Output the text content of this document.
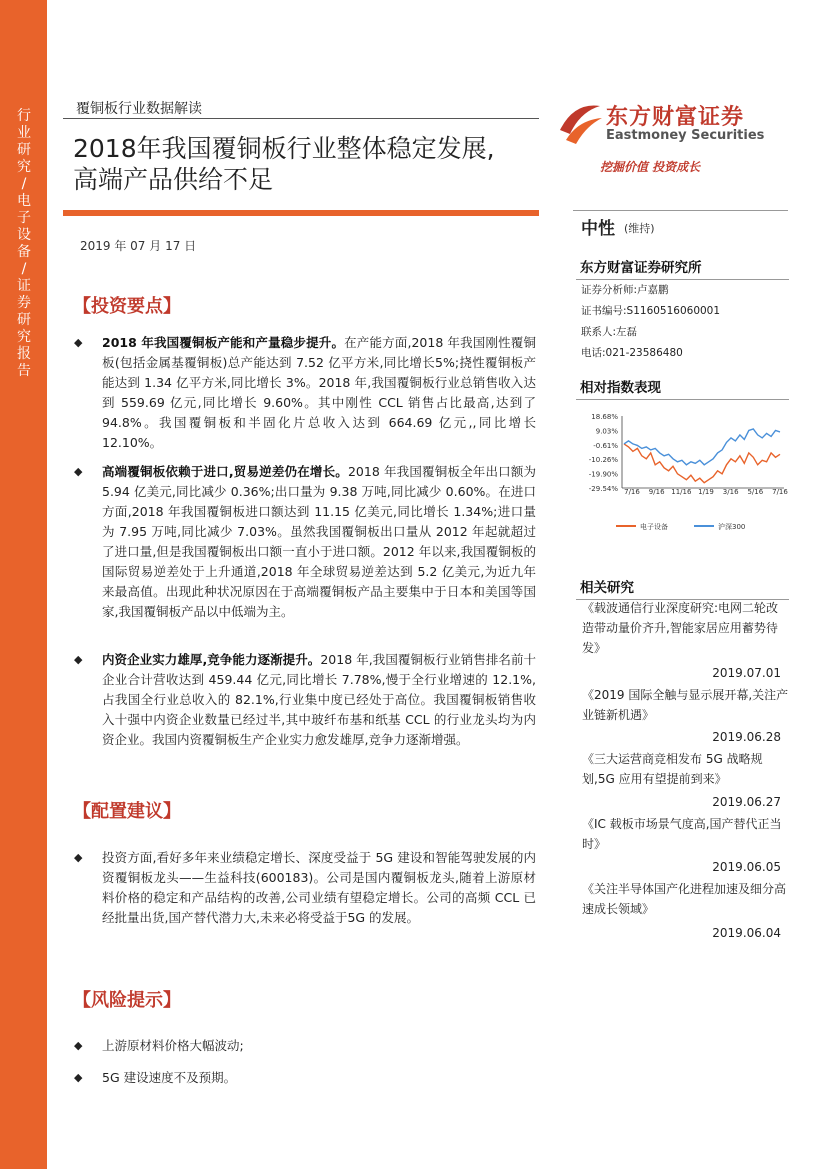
行
业
研
究
/
电
子
设
备
/
证
券
研
究
报
告
覆铜板行业数据解读
2018年我国覆铜板行业整体稳定发展,
高端产品供给不足
2019 年 07 月 17 日
东方财富证券
Eastmoney Securities
挖掘价值 投资成长
中性 (维持)
东方财富证券研究所
证券分析师:卢嘉鹏
证书编号:S1160516060001
联系人:左磊
电话:021-23586480
相对指数表现
18.68%
9.03%
-0.61%
-10.26%
-19.90%
-29.54% 7/16 9/16 11/16 1/19 3/16 5/16 7/16
电子设备	沪深300
相关研究
《载波通信行业深度研究:电网二轮改造带动量价齐升,智能家居应用蓄势待发》
2019.07.01
《2019 国际全触与显示展开幕,关注产业链新机遇》
2019.06.28
《三大运营商竞相发布 5G 战略规划,5G 应用有望提前到来》
2019.06.27
《IC 载板市场景气度高,国产替代正当时》
2019.06.05
《关注半导体国产化进程加速及细分高速成长领域》
2019.06.04
【投资要点】
◆ 2018 年我国覆铜板产能和产量稳步提升。在产能方面,2018 年我国刚性覆铜板(包括金属基覆铜板)总产能达到 7.52 亿平方米,同比增长5%;挠性覆铜板产能达到 1.34 亿平方米,同比增长 3%。2018 年,我国覆铜板行业总销售收入达到 559.69 亿元,同比增长 9.60%。其中刚性 CCL 销售占比最高,达到了 94.8%。我国覆铜板和半固化片总收入达到 664.69 亿元,,同比增长 12.10%。
◆ 高端覆铜板依赖于进口,贸易逆差仍在增长。2018 年我国覆铜板全年出口额为 5.94 亿美元,同比减少 0.36%;出口量为 9.38 万吨,同比减少 0.60%。在进口方面,2018 年我国覆铜板进口额达到 11.15 亿美元,同比增长 1.34%;进口量为 7.95 万吨,同比减少 7.03%。虽然我国覆铜板出口量从 2012 年起就超过了进口量,但是我国覆铜板出口额一直小于进口额。2012 年以来,我国覆铜板的国际贸易逆差处于上升通道,2018 年全球贸易逆差达到 5.2 亿美元,为近九年来最高值。出现此种状况原因在于高端覆铜板产品主要集中于日本和美国等国家,我国覆铜板产品以中低端为主。
◆ 内资企业实力雄厚,竞争能力逐渐提升。2018 年,我国覆铜板行业销售排名前十企业合计营收达到 459.44 亿元,同比增长 7.78%,慢于全行业增速的 12.1%,占我国全行业总收入的 82.1%,行业集中度已经处于高位。我国覆铜板销售收入十强中内资企业数量已经过半,其中玻纤布基和纸基 CCL 的行业龙头均为内资企业。我国内资覆铜板生产企业实力愈发雄厚,竞争力逐渐增强。
【配置建议】
◆ 投资方面,看好多年来业绩稳定增长、深度受益于 5G 建设和智能驾驶发展的内资覆铜板龙头——生益科技(600183)。公司是国内覆铜板龙头,随着上游原材料价格的稳定和产品结构的改善,公司业绩有望稳定增长。公司的高频 CCL 已经批量出货,国产替代潜力大,未来必将受益于5G 的发展。
【风险提示】
◆ 上游原材料价格大幅波动;
◆ 5G 建设速度不及预期。
